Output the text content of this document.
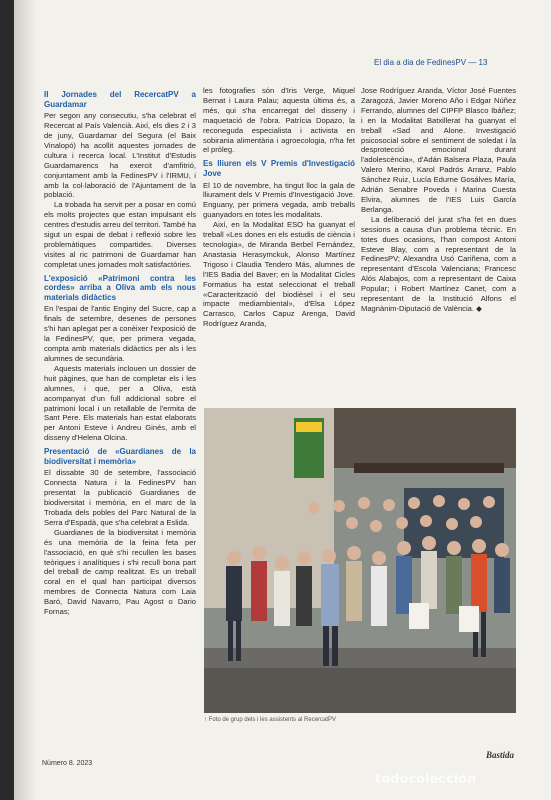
El dia a dia de FedinesPV — 13
II Jornades del RecercatPV a Guardamar

Per segon any consecutiu, s'ha celebrat el Recercat al País Valencià. Així, els dies 2 i 3 de juny, Guardamar del Segura (el Baix Vinalopó) ha acollit aquestes jornades de cultura i recerca local. L'Institut d'Estudis Guardamarencs ha exercit d'amfitrió, conjuntament amb la FedinesPV i l'IRMU, i amb la col·laboració de l'Ajuntament de la població.

La trobada ha servit per a posar en comú els molts projectes que estan impulsant els centres d'estudis arreu del territori. També ha sigut un espai de debat i reflexió sobre les problemàtiques compartides. Diverses visites al ric patrimoni de Guardamar han completat unes jornades molt satisfactòries.

L'exposició «Patrimoni contra les cordes» arriba a Oliva amb els nous materials didàctics

En l'espai de l'antic Enginy del Sucre, cap a finals de setembre, desenes de persones s'hi han aplegat per a conèixer l'exposició de la FedinesPV, que, per primera vegada, compta amb materials didàctics per als i les alumnes de secundària.

Aquests materials inclouen un dossier de huit pàgines, que han de completar els i les alumnes, i que, per a Oliva, està acompanyat d'un full addicional sobre el patrimoni local i un retallable de l'ermita de Sant Pere. Els materials han estat elaborats per Antoni Esteve i Andreu Ginés, amb el disseny d'Helena Olcina.

Presentació de «Guardianes de la biodiversitat i memòria»

El dissabte 30 de setembre, l'associació Connecta Natura i la FedinesPV han presentat la publicació Guardianes de biodiversitat i memòria, en el marc de la Trobada dels pobles del Parc Natural de la Serra d'Espadà, que s'ha celebrat a Eslida.

Guardianes de la biodiversitat i memòria és una memòria de la feina feta per l'associació, en què s'hi recullen les bases teòriques i analítiques i s'hi recull bona part del treball de camp realitzat. Es un treball coral en el qual han participat diversos membres de Connecta Natura com Laia Baró, David Navarro, Pau Agost o Dario Fornas;

les fotografies són d'Iris Verge, Miquel Bernat i Laura Palau; aquesta última és, a més, qui s'ha encarregat del disseny i maquetació de l'obra. Patrícia Dopazo, la reconeguda especialista i activista en sobirania alimentària i agroecologia, n'ha fet el pròleg.

Es lliuren els V Premis d'Investigació Jove

El 10 de novembre, ha tingut lloc la gala de lliurament dels V Premis d'Investigació Jove. Enguany, per primera vegada, amb treballs guanyadors en totes les modalitats.

Així, en la Modalitat ESO ha guanyat el treball «Les dones en els estudis de ciència i tecnologia», de Miranda Berbel Fernández, Anastasia Herasymckuk, Alonso Martínez Trigoso i Claudia Tendero Más, alumnes de l'IES Badia del Baver; en la Modalitat Cicles Formatius ha estat seleccionat el treball «Caracterització del biodièsel i el seu impacte mediambiental», d'Elsa López Carrasco, Carlos Capuz Arenga, David Rodríguez Aranda,

Jose Rodríguez Aranda, Víctor José Fuentes Zaragozá, Javier Moreno Año i Edgar Núñez Ferrando, alumnes del CIPFP Blasco Ibáñez; i en la Modalitat Batxillerat ha guanyat el treball «Sad and Alone. Investigació psicosocial sobre el sentiment de soledat i la desprotecció emocional durant l'adolescència», d'Adán Balsera Plaza, Paula Valero Merino, Karol Padrós Arranz, Pablo Sánchez Ruiz, Lucía Edurne Gosálves María, Adrián Senabre Poveda i Marina Cuesta Elvira, alumnes de l'IES Luis García Berlanga.

La deliberació del jurat s'ha fet en dues sessions a causa d'un problema tècnic. En totes dues ocasions, l'han compost Antoni Esteve Blay, com a representant de la FedinesPV; Alexandra Usó Cariñena, com a representant d'Escola Valenciana; Francesc Alós Alabajos, com a representant de Caixa Popular; i Robert Martínez Canet, com a representant de la Institució Alfons el Magnànim-Diputació de València. ◆

↑ Foto de grup dels i les assistents al RecercatPV
Número 8. 2023
Bastida
todocoleccion
